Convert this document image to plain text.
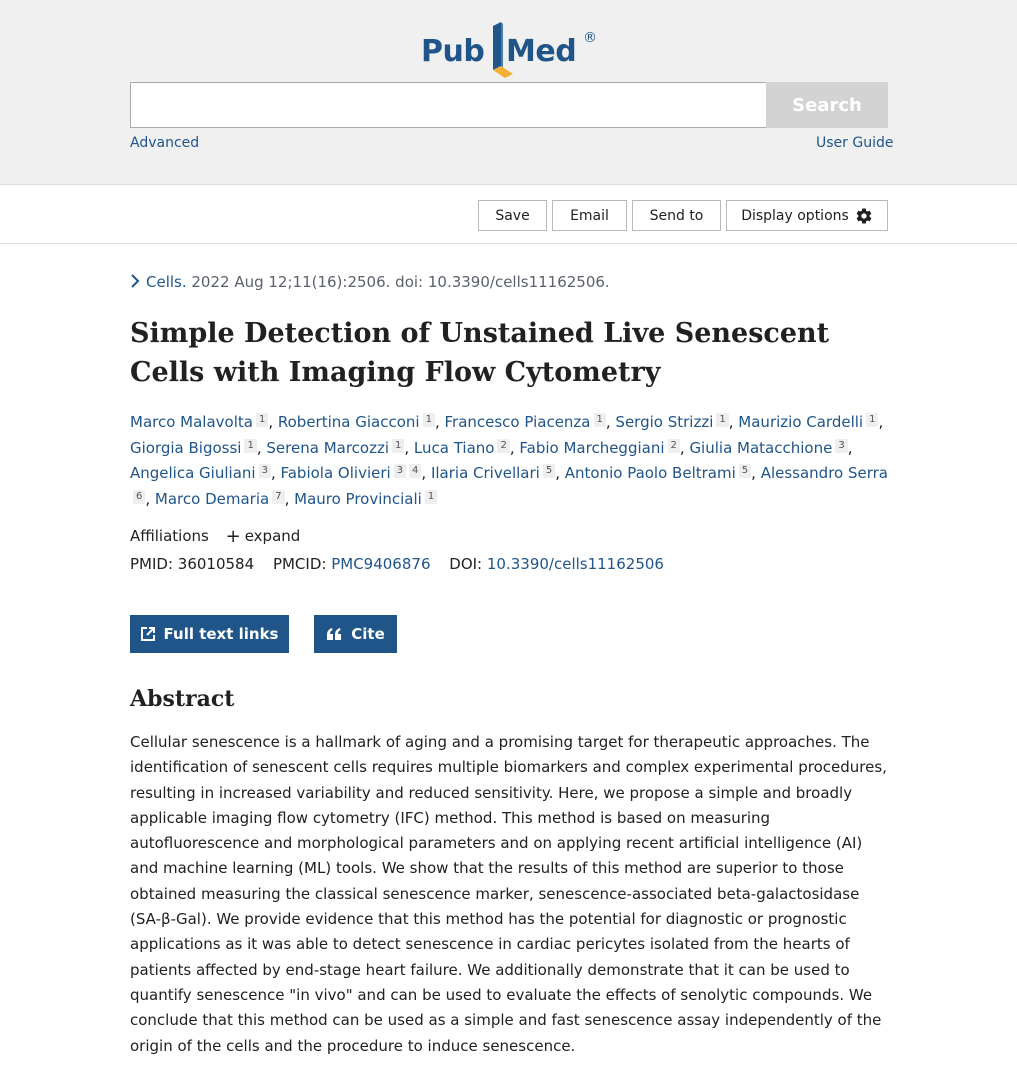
Pub Med ®
Search
Advanced	User Guide
Save	Email	Send to	Display options
Cells. 2022 Aug 12;11(16):2506. doi: 10.3390/cells11162506.
Simple Detection of Unstained Live Senescent Cells with Imaging Flow Cytometry
Marco Malavolta 1 , Robertina Giacconi 1 , Francesco Piacenza 1 , Sergio Strizzi 1 , Maurizio Cardelli 1 , Giorgia Bigossi 1 , Serena Marcozzi 1 , Luca Tiano 2 , Fabio Marcheggiani 2 , Giulia Matacchione 3 , Angelica Giuliani 3 , Fabiola Olivieri 3 4 , Ilaria Crivellari 5 , Antonio Paolo Beltrami 5 , Alessandro Serra6 , Marco Demaria 7 , Mauro Provinciali 1
Affiliations + expand
PMID: 36010584 PMCID: PMC9406876 DOI: 10.3390/cells11162506
Full text links	Cite
Abstract

Cellular senescence is a hallmark of aging and a promising target for therapeutic approaches. The identification of senescent cells requires multiple biomarkers and complex experimental procedures, resulting in increased variability and reduced sensitivity. Here, we propose a simple and broadly applicable imaging flow cytometry (IFC) method. This method is based on measuring autofluorescence and morphological parameters and on applying recent artificial intelligence (AI) and machine learning (ML) tools. We show that the results of this method are superior to those obtained measuring the classical senescence marker, senescence-associated beta-galactosidase (SA-β-Gal). We provide evidence that this method has the potential for diagnostic or prognostic applications as it was able to detect senescence in cardiac pericytes isolated from the hearts of patients affected by end-stage heart failure. We additionally demonstrate that it can be used to quantify senescence "in vivo" and can be used to evaluate the effects of senolytic compounds. We conclude that this method can be used as a simple and fast senescence assay independently of the origin of the cells and the procedure to induce senescence.
